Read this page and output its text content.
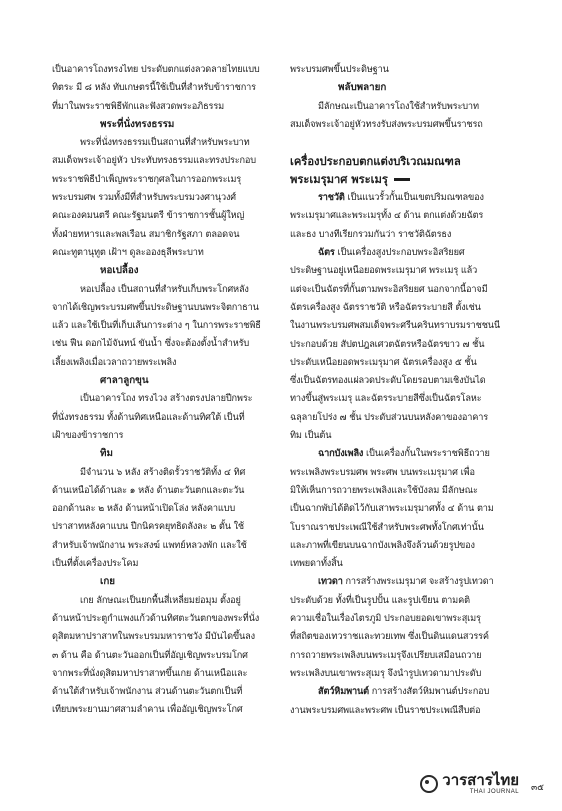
เป็นอาคารโถงทรงไทย ประดับตกแต่งลวดลายไทยแบบ
ทิตระ มี ๘ หลัง ทับเกษตรนี้ใช้เป็นที่สำหรับข้าราชการ
ที่มาในพระราชพิธีพักและฟังสวดพระอภิธรรม
พระที่นั่งทรงธรรม
พระที่นั่งทรงธรรมเป็นสถานที่สำหรับพระบาท
สมเด็จพระเจ้าอยู่หัว ประทับทรงธรรมและทรงประกอบ
พระราชพิธีบำเพ็ญพระราชกุศลในการออกพระเมรุ
พระบรมศพ รวมทั้งมีที่สำหรับพระบรมวงศานุวงศ์
คณะองคมนตรี คณะรัฐมนตรี ข้าราชการชั้นผู้ใหญ่
ทั้งฝ่ายทหารและพลเรือน สมาชิกรัฐสภา ตลอดจน
คณะทูตานุทูต เฝ้าฯ ดูละอองธุลีพระบาท
หอเปลื้อง
หอเปลื้อง เป็นสถานที่สำหรับเก็บพระโกศหลัง
จากได้เชิญพระบรมศพขึ้นประดิษฐานบนพระจิตกาธาน
แล้ว และใช้เป็นที่เก็บเส้นการะต่าง ๆ ในการพระราชพิธี
เช่น ฟืน ดอกไม้จันทน์ ขันน้ำ ซึ่งจะต้องตั้งน้ำสำหรับ
เลี้ยงเพลิงเมื่อเวลาถวายพระเพลิง
ศาลาลูกขุน
เป็นอาคารโถง ทรงไวง สร้างตรงปลายปีกพระ
ที่นั่งทรงธรรม ทั้งด้านทิศเหนือและด้านทิศใต้ เป็นที่
เฝ้าของข้าราชการ
ทิม
มีจำนวน ๖ หลัง สร้างติดรั้วราชวัติทั้ง ๔ ทิศ
ด้านเหนือได้ด้านละ ๑ หลัง ด้านตะวันตกและตะวัน
ออกด้านละ ๒ หลัง ด้านหน้าเปิดโล่ง หลังคาแบบ
ปราสาทหลังคาแบน ปีกนิครคยุทธิดลังละ ๒ ตั้น ใช้
สำหรับเจ้าพนักงาน พระสงฆ์ แพทย์หลวงพัก และใช้
เป็นที่ตั้งเครื่องประโคม
เกย
เกย ลักษณะเป็นยกพื้นสี่เหลี่ยมย่อมุม ตั้งอยู่
ด้านหน้าประตูกำแพงแก้วด้านทิศตะวันตกของพระที่นั่ง
ดุสิตมหาปราสาทในพระบรมมหาราชวัง มีบันไดขึ้นลง
๓ ด้าน คือ ด้านตะวันออกเป็นที่อัญเชิญพระบรมโกศ
จากพระที่นั่งดุสิตมหาปราสาทขึ้นเกย ด้านเหนือและ
ด้านใต้สำหรับเจ้าพนักงาน ส่วนด้านตะวันตกเป็นที่
เทียบพระยานมาศสามลำคาน เพื่ออัญเชิญพระโกศ
พระบรมศพขึ้นประดิษฐาน
พลับพลายก
มีลักษณะเป็นอาคารโถงใช้สำหรับพระบาท
สมเด็จพระเจ้าอยู่หัวทรงรับส่งพระบรมศพขึ้นราชรถ
เครื่องประกอบตกแต่งบริเวณมณฑล
พระเมรุมาศ พระเมรุ
ราชวัติ เป็นแนวรั้วกั้นเป็นเขตปริมณฑลของ
พระเมรุมาศและพระเมรุทั้ง ๔ ด้าน ตกแต่งด้วยฉัตร
และธง บางทีเรียกรวมกันว่า ราชวัติฉัตรธง
ฉัตร เป็นเครื่องสูงประกอบพระอิสริยยศ
ประดิษฐานอยู่เหนือยอดพระเมรุมาศ พระเมรุ แล้ว
แต่จะเป็นฉัตรที่กั้นตามพระอิสริยยศ นอกจากนี้อาจมี
ฉัตรเครื่องสูง ฉัตรราชวัติ หรือฉัตรระบายสี ตั้งเช่น
ในงานพระบรมศพสมเด็จพระศรีนครินทราบรมราชชนนี
ประกอบด้วย สัปตปฎลเศวตฉัตรหรือฉัตรขาว ๗ ชั้น
ประดับเหนือยอดพระเมรุมาศ ฉัตรเครื่องสูง ๕ ชั้น
ซึ่งเป็นฉัตรทองแผ่ลวดประดับโดยรอบตามเชิงบันได
ทางขึ้นสู่พระเมรุ และฉัตรระบายสีซึ่งเป็นฉัตรโลหะ
ฉลุลายโปร่ง ๗ ชั้น ประดับส่วนบนหลังคาของอาคาร
ทิม เป็นต้น
ฉากบังเพลิง เป็นเครื่องกั้นในพระราชพิธีถวาย
พระเพลิงพระบรมศพ พระศพ บนพระเมรุมาศ เพื่อ
มิให้เห็นการถวายพระเพลิงและใช้บังลม มีลักษณะ
เป็นฉากพับได้ติดไว้กับเสาพระเมรุมาศทั้ง ๔ ด้าน ตาม
โบราณราชประเพณีใช้สำหรับพระศพทั้งโกศเท่านั้น
และภาพที่เขียนบนฉากบังเพลิงจึงล้วนด้วยรูปของ
เทพยดาทั้งสิ้น
เทวดา การสร้างพระเมรุมาศ จะสร้างรูปเทวดา
ประดับด้วย ทั้งที่เป็นรูปปั้น และรูปเขียน ตามคติ
ความเชื่อในเรื่องไตรภูมิ ประกอบยอดเขาพระสุเมรุ
ที่สถิตของเทวราชและทวยเทพ ซึ่งเป็นดินแดนสวรรค์
การถวายพระเพลิงบนพระเมรุจึงเปรียบเสมือนถวาย
พระเพลิงบนเขาพระสุเมรุ จึงนำรูปเทวดามาประดับ
สัตว์หิมพานต์ การสร้างสัตว์หิมพานต์ประกอบ
งานพระบรมศพและพระศพ เป็นราชประเพณีสืบต่อ
วารสารไทย
THAI JOURNAL ๓๕
